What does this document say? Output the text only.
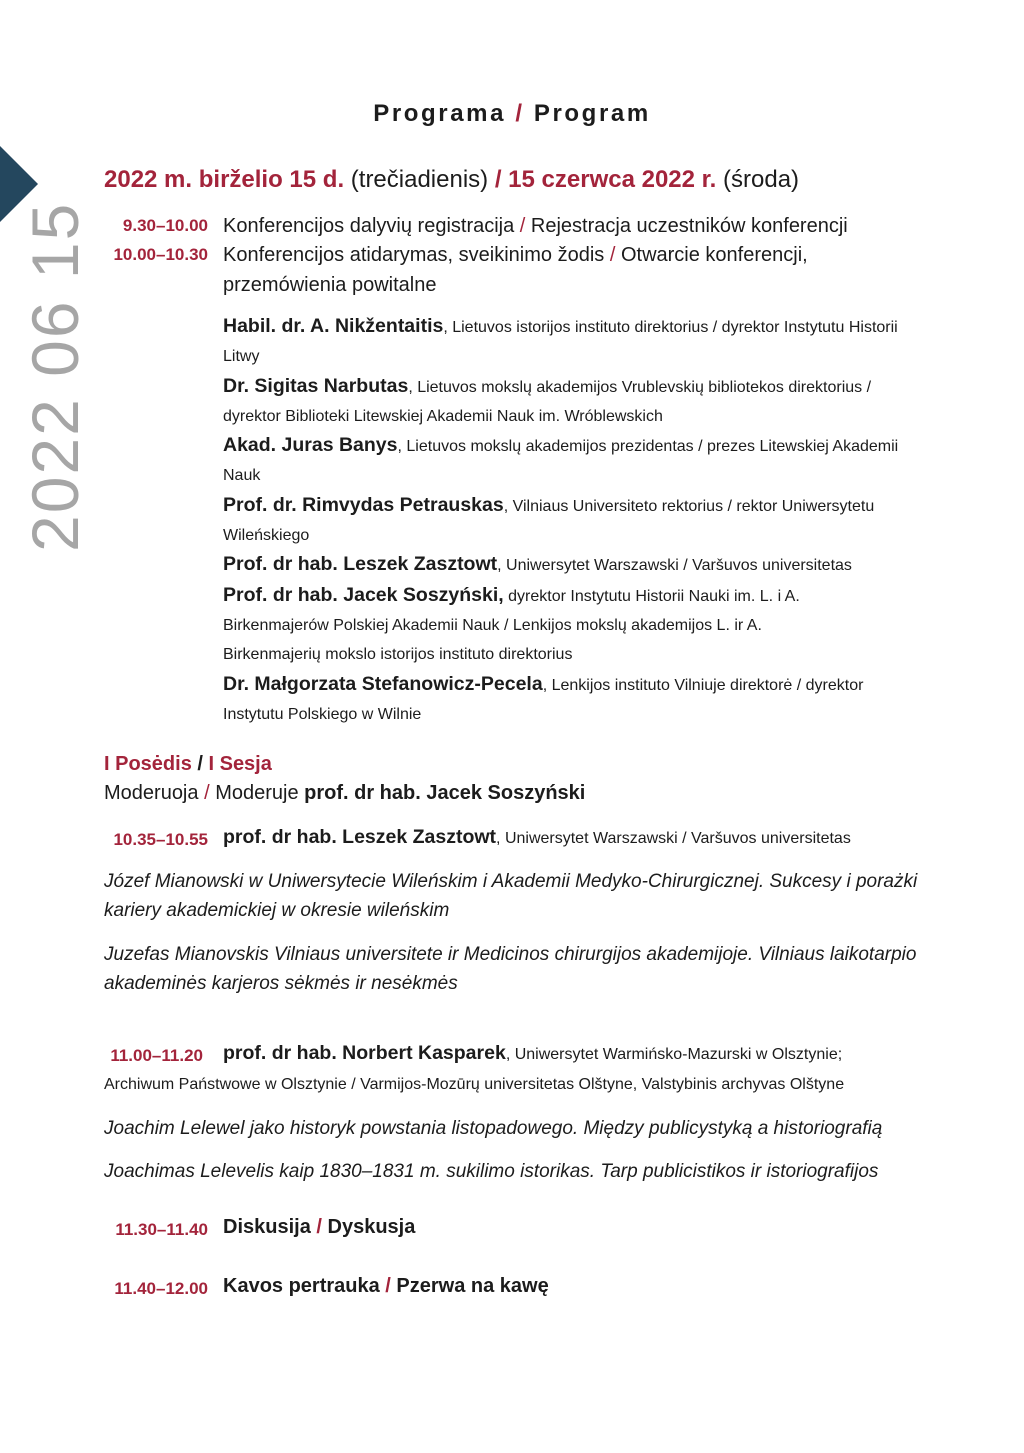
2022 06 15
Programa / Program
2022 m. birželio 15 d. (trečiadienis) / 15 czerwca 2022 r. (środa)
9.30–10.00 Konferencijos dalyvių registracija / Rejestracja uczestników konferencji
10.00–10.30 Konferencijos atidarymas, sveikinimo žodis / Otwarcie konferencji, przemówienia powitalne

Habil. dr. A. Nikžentaitis, Lietuvos istorijos instituto direktorius / dyrektor Instytutu Historii Litwy

Dr. Sigitas Narbutas, Lietuvos mokslų akademijos Vrublevskių bibliotekos direktorius / dyrektor Biblioteki Litewskiej Akademii Nauk im. Wróblewskich

Akad. Juras Banys, Lietuvos mokslų akademijos prezidentas / prezes Litewskiej Akademii Nauk

Prof. dr. Rimvydas Petrauskas, Vilniaus Universiteto rektorius / rektor Uniwersytetu Wileńskiego

Prof. dr hab. Leszek Zasztowt, Uniwersytet Warszawski / Varšuvos universitetas

Prof. dr hab. Jacek Soszyński, dyrektor Instytutu Historii Nauki im. L. i A. Birkenmajerów Polskiej Akademii Nauk / Lenkijos mokslų akademijos L. ir A. Birkenmajerių mokslo istorijos instituto direktorius

Dr. Małgorzata Stefanowicz-Pecela, Lenkijos instituto Vilniuje direktorė / dyrektor Instytutu Polskiego w Wilnie

I Posėdis / I Sesja

Moderuoja / Moderuje prof. dr hab. Jacek Soszyński

10.35–10.55 prof. dr hab. Leszek Zasztowt, Uniwersytet Warszawski / Varšuvos universitetas

Józef Mianowski w Uniwersytecie Wileńskim i Akademii Medyko-Chirurgicznej. Sukcesy i porażki kariery akademickiej w okresie wileńskim

Juzefas Mianovskis Vilniaus universitete ir Medicinos chirurgijos akademijoje. Vilniaus laikotarpio akademinės karjeros sėkmės ir nesėkmės

11.00–11.20 prof. dr hab. Norbert Kasparek, Uniwersytet Warmińsko-Mazurski w Olsztynie;
Archiwum Państwowe w Olsztynie / Varmijos-Mozūrų universitetas Olštyne, Valstybinis archyvas Olštyne

Joachim Lelewel jako historyk powstania listopadowego. Między publicystyką a historiografią

Joachimas Lelevelis kaip 1830–1831 m. sukilimo istorikas. Tarp publicistikos ir istoriografijos

11.30–11.40 Diskusija / Dyskusja
11.40–12.00 Kavos pertrauka / Pzerwa na kawę
